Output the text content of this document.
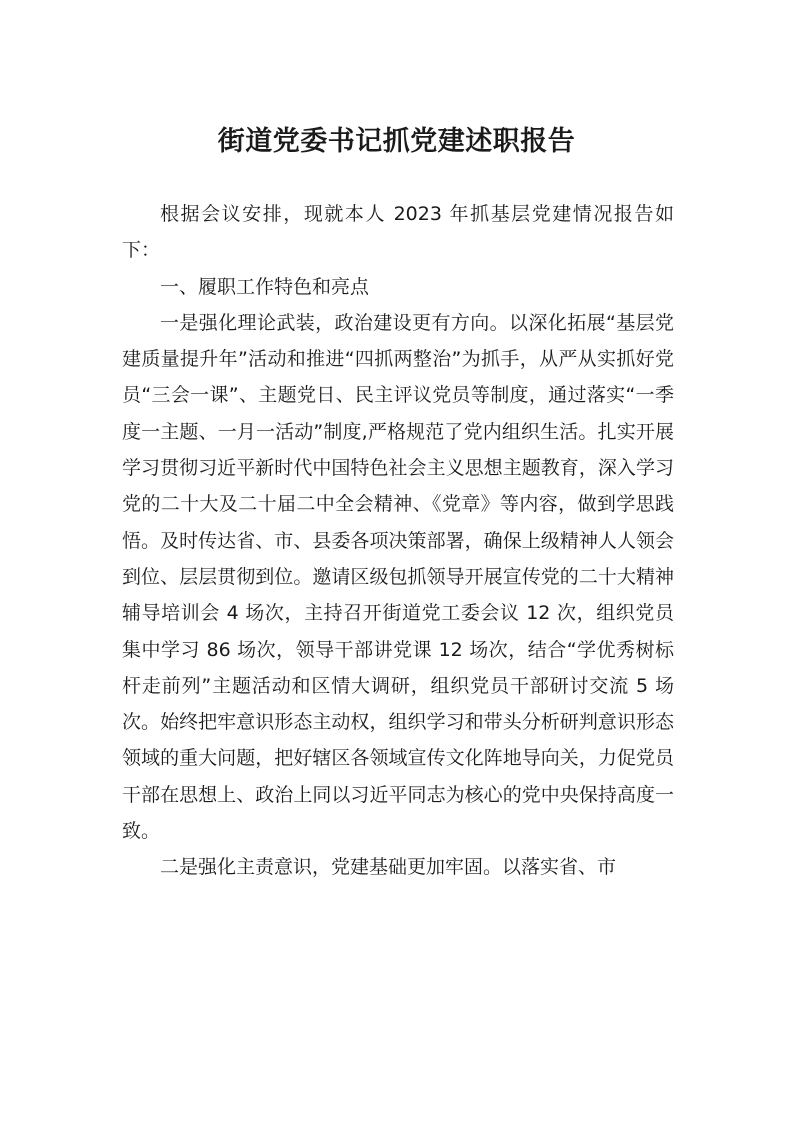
街道党委书记抓党建述职报告

根据会议安排，现就本人 2023 年抓基层党建情况报告如下：

一、履职工作特色和亮点

一是强化理论武装，政治建设更有方向。以深化拓展“基层党建质量提升年”活动和推进“四抓两整治”为抓手，从严从实抓好党员“三会一课”、主题党日、民主评议党员等制度，通过落实“一季度一主题、一月一活动”制度,严格规范了党内组织生活。扎实开展学习贯彻习近平新时代中国特色社会主义思想主题教育，深入学习党的二十大及二十届二中全会精神、《党章》等内容，做到学思践悟。及时传达省、市、县委各项决策部署，确保上级精神人人领会到位、层层贯彻到位。邀请区级包抓领导开展宣传党的二十大精神辅导培训会 4 场次，主持召开街道党工委会议 12 次，组织党员集中学习 86 场次，领导干部讲党课 12 场次，结合“学优秀树标杆走前列”主题活动和区情大调研，组织党员干部研讨交流 5 场次。始终把牢意识形态主动权，组织学习和带头分析研判意识形态领域的重大问题，把好辖区各领域宣传文化阵地导向关，力促党员干部在思想上、政治上同以习近平同志为核心的党中央保持高度一致。

二是强化主责意识，党建基础更加牢固。以落实省、市
